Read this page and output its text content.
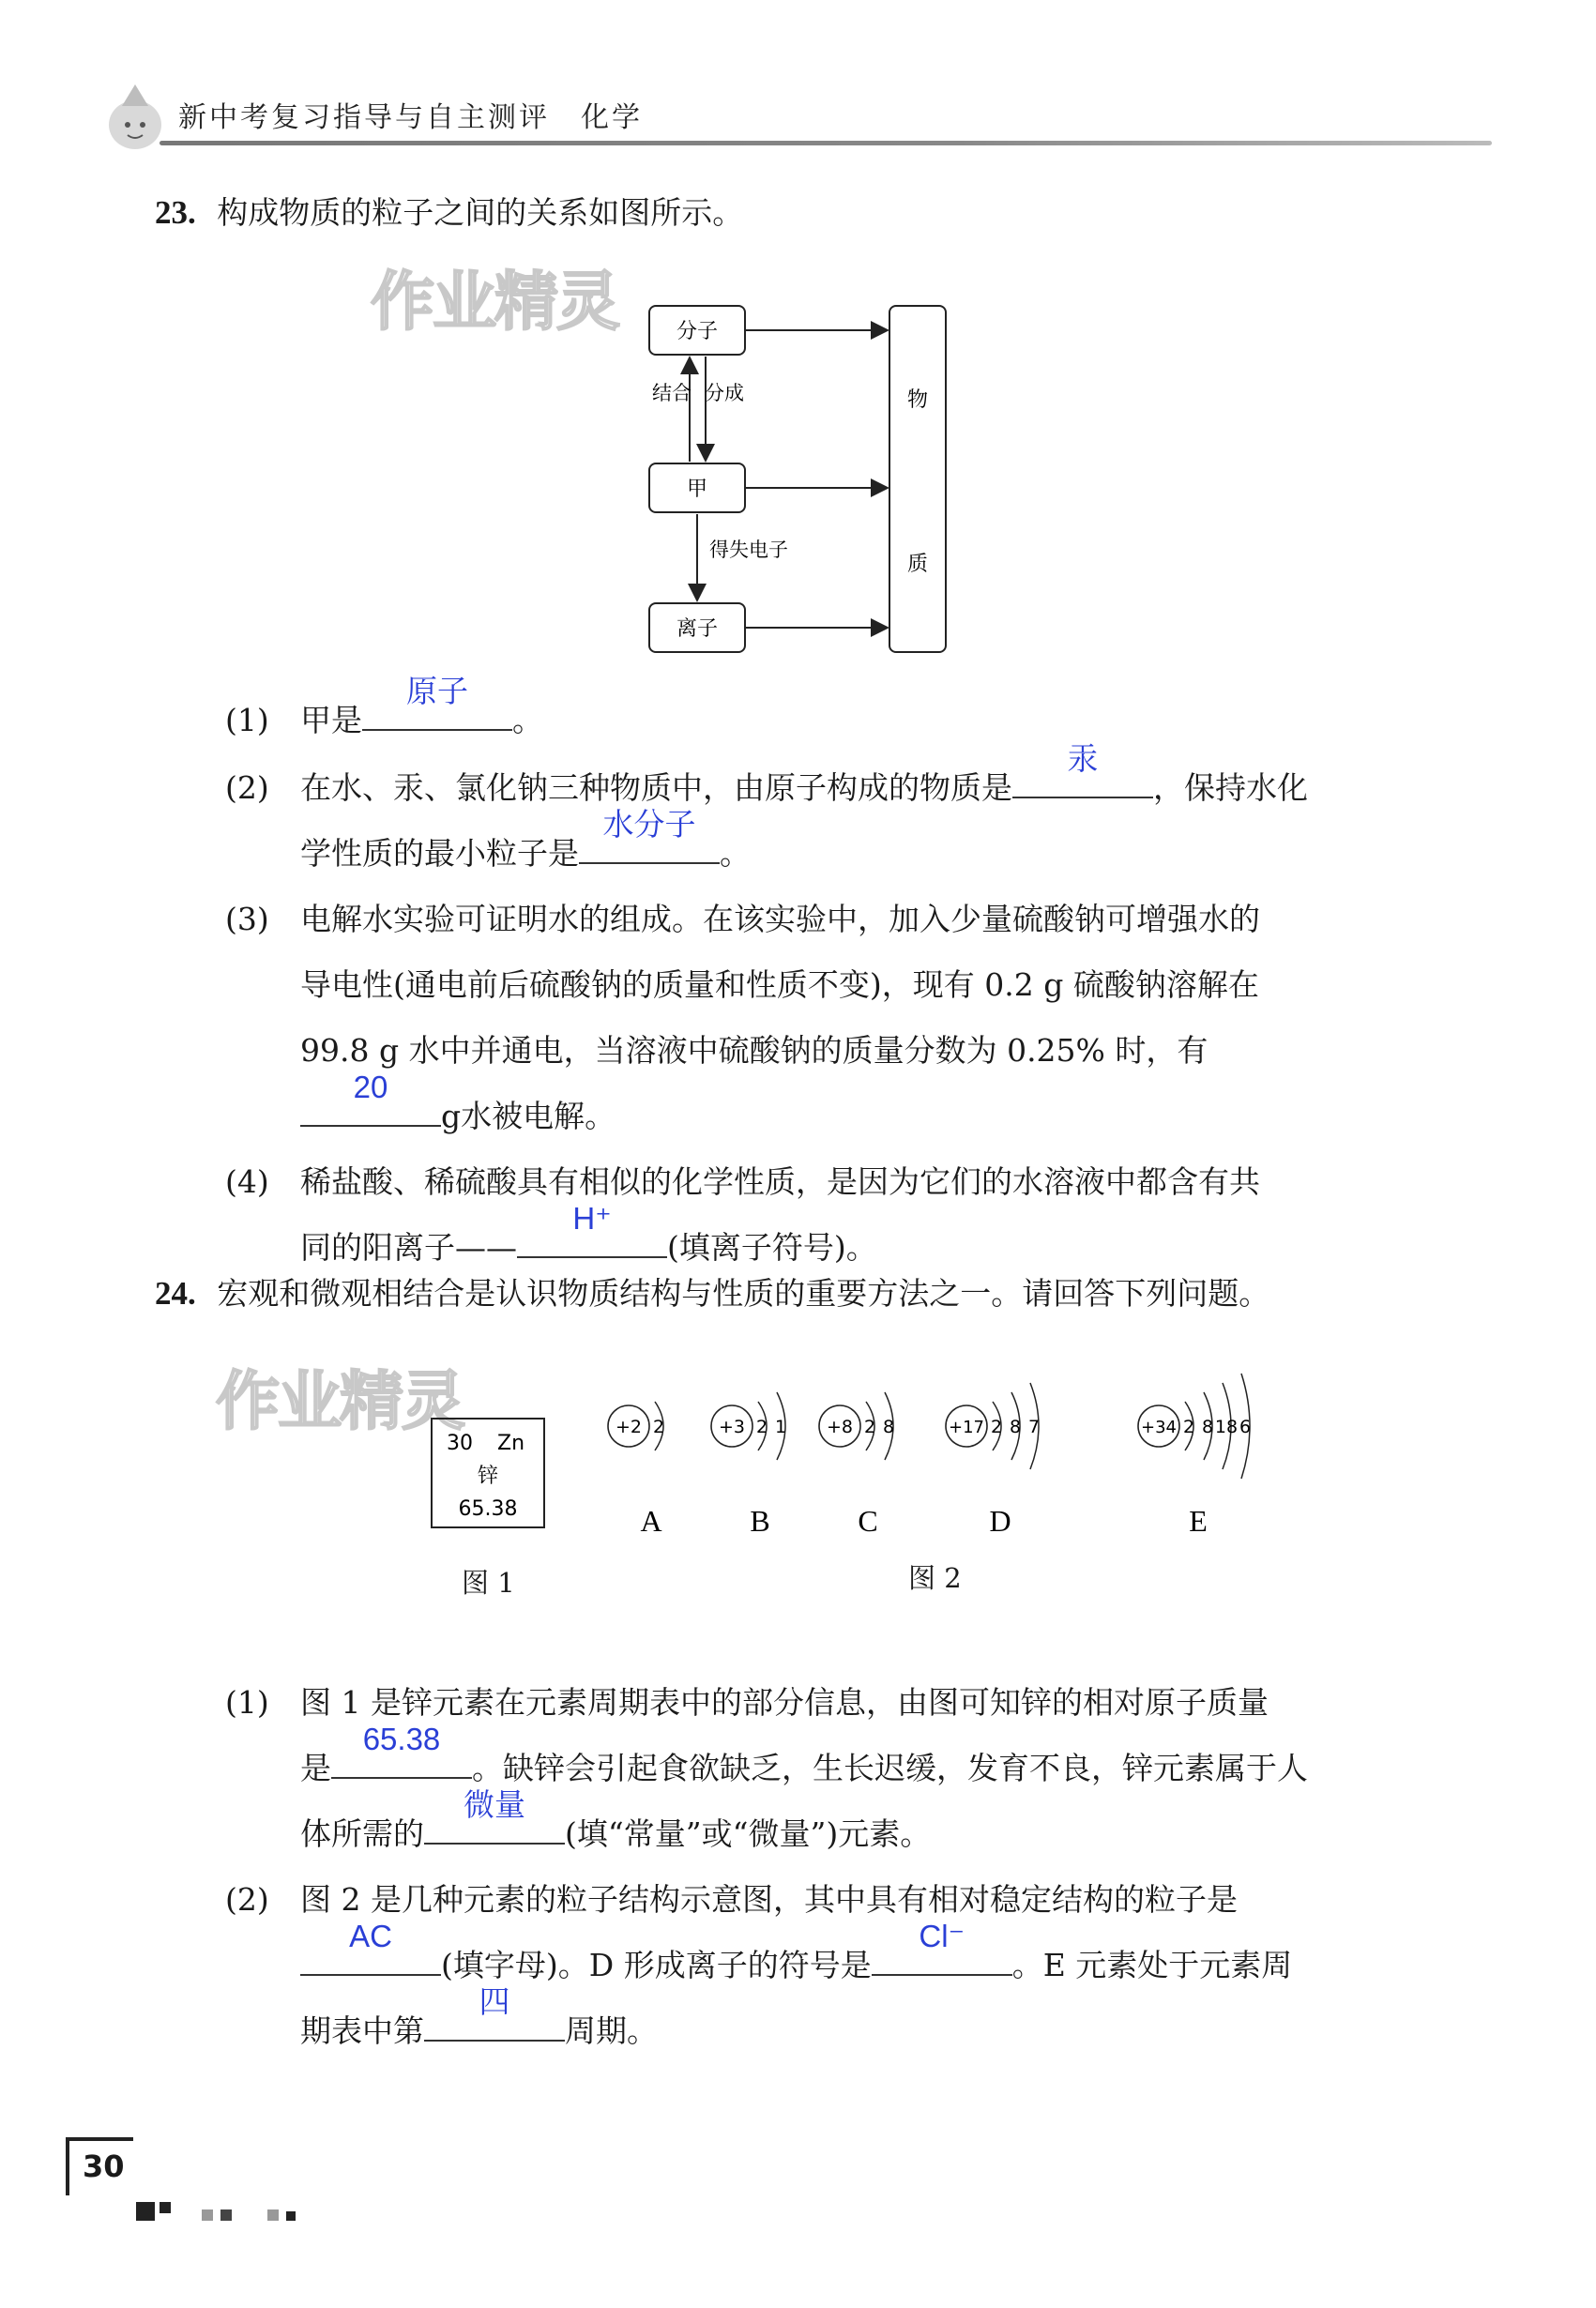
新中考复习指导与自主测评　化学
作业精灵
作业精灵
23. 构成物质的粒子之间的关系如图所示。
分子
甲
离子
物
质
结合 分成
得失电子
(1) 甲是
原子
。
(2) 在水、汞、氯化钠三种物质中，由原子构成的物质是
汞
，保持水化
学性质的最小粒子是
水分子
。
(3) 电解水实验可证明水的组成。在该实验中，加入少量硫酸钠可增强水的
导电性(通电前后硫酸钠的质量和性质不变)，现有 0.2 g 硫酸钠溶解在
99.8 g 水中并通电，当溶液中硫酸钠的质量分数为 0.25% 时，有
20
g水被电解。
(4) 稀盐酸、稀硫酸具有相似的化学性质，是因为它们的水溶液中都含有共
同的阳离子——
H⁺
(填离子符号)。
24. 宏观和微观相结合是认识物质结构与性质的重要方法之一。请回答下列问题。
30 Zn
锌
65.38
图 1
+2 2
A
+3 2 1
B
+8 2 8
C
+17 2 8 7
D
+34 2 8 18 6
E
图 2
(1) 图 1 是锌元素在元素周期表中的部分信息，由图可知锌的相对原子质量
是
65.38
。缺锌会引起食欲缺乏，生长迟缓，发育不良，锌元素属于人
体所需的
微量
(填“常量”或“微量”)元素。
(2) 图 2 是几种元素的粒子结构示意图，其中具有相对稳定结构的粒子是
AC
(填字母)。D 形成离子的符号是
Cl⁻
。E 元素处于元素周
期表中第
四
周期。
30
